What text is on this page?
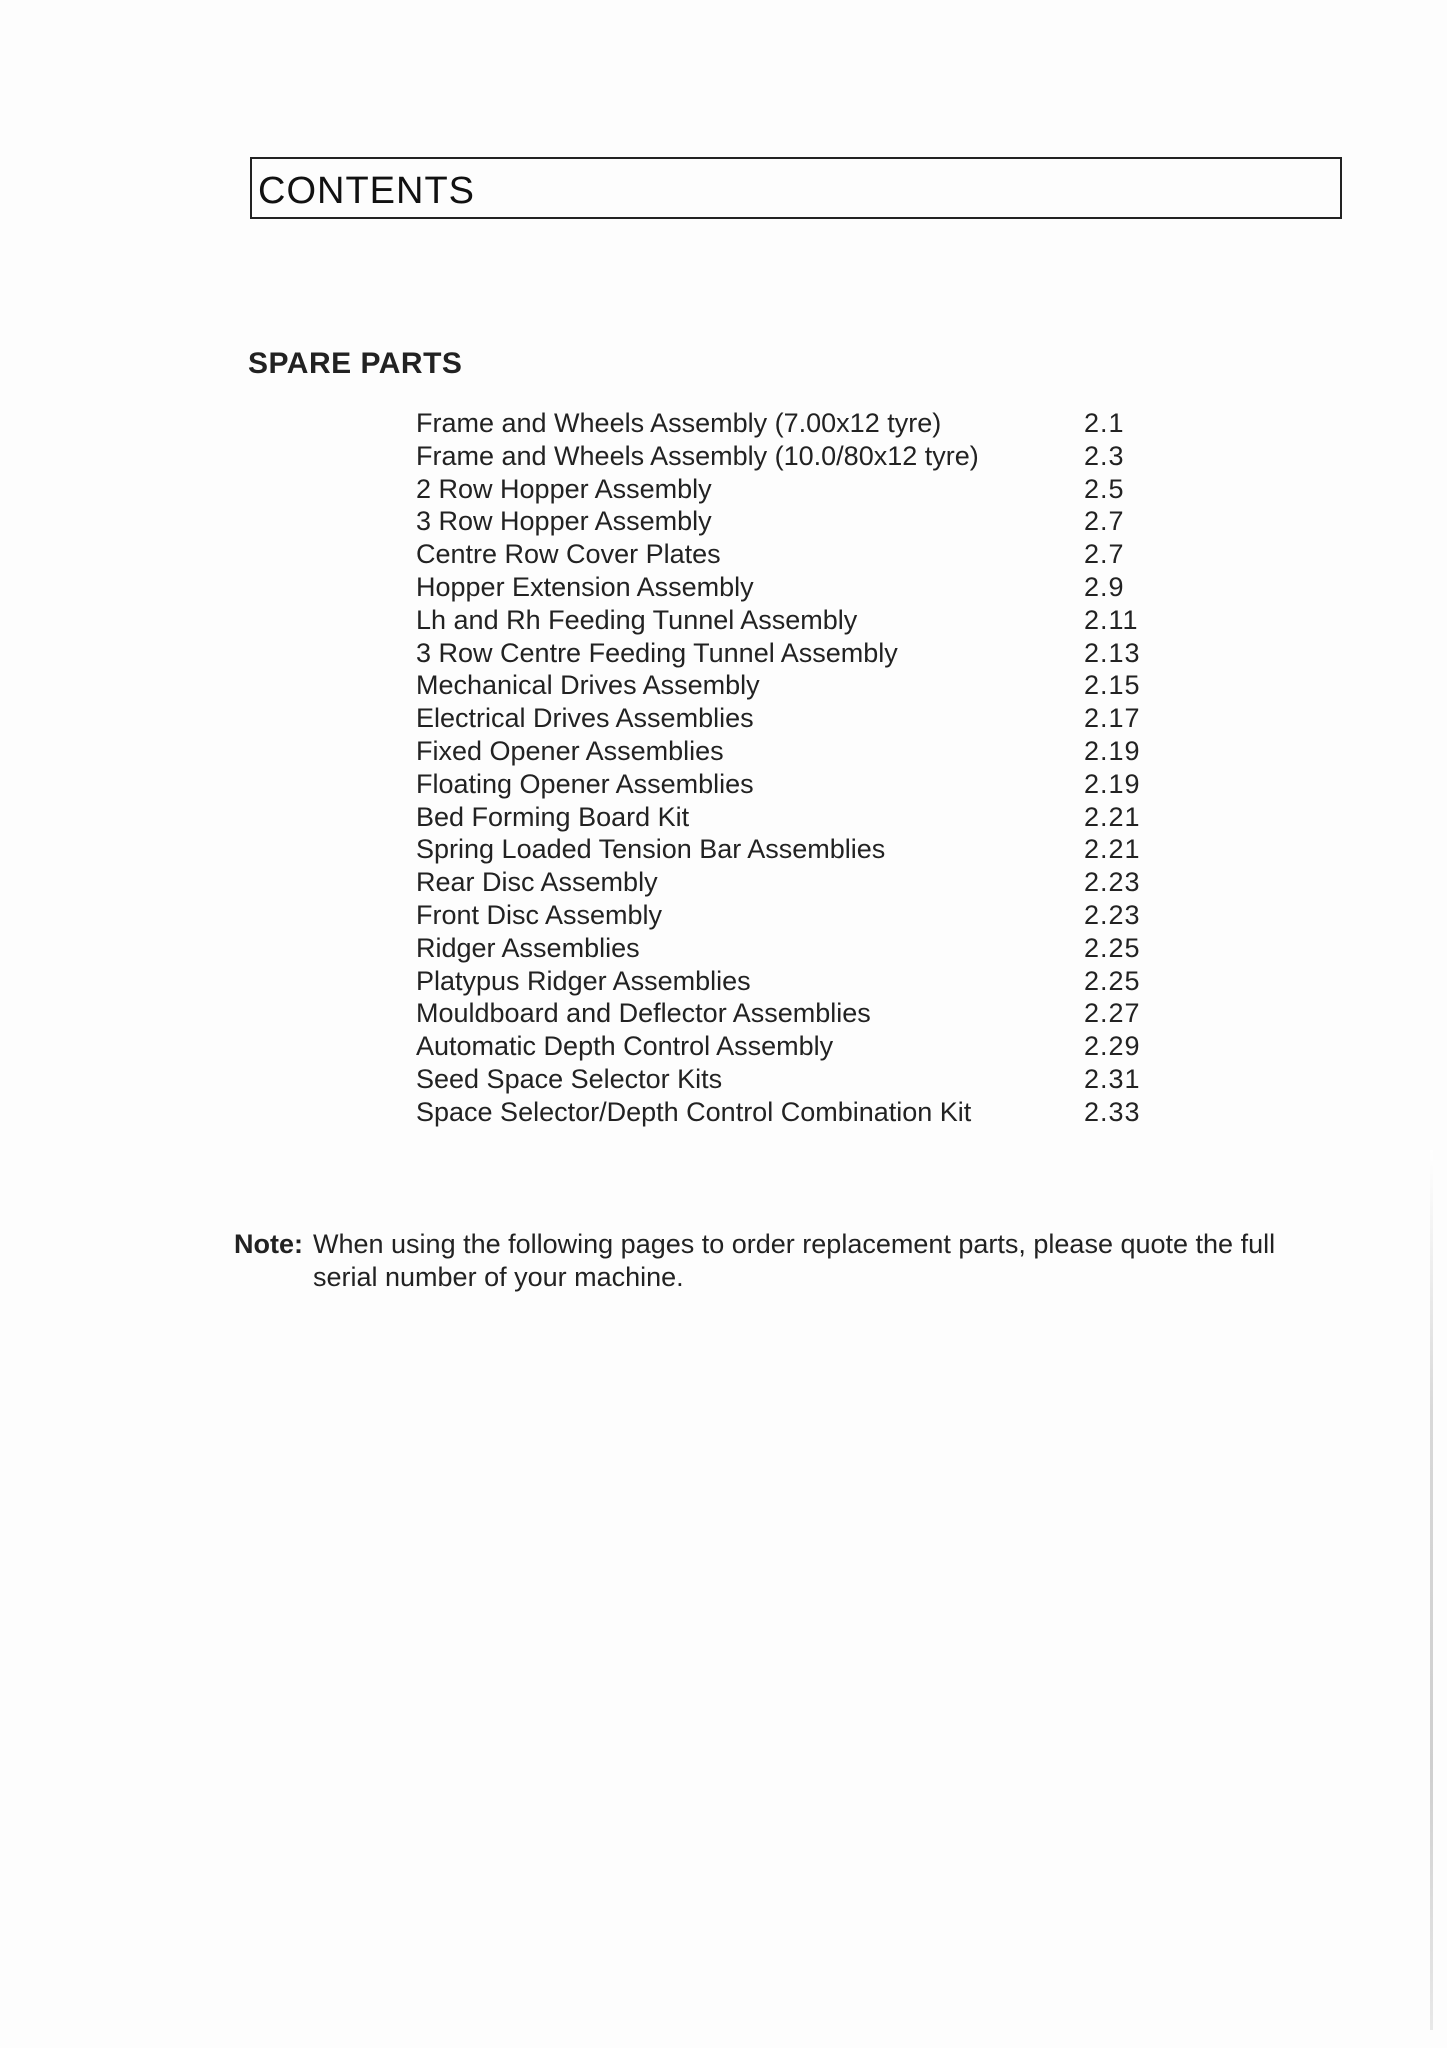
CONTENTS
SPARE PARTS
Frame and Wheels Assembly (7.00x12 tyre)	2.1
Frame and Wheels Assembly (10.0/80x12 tyre)	2.3
2 Row Hopper Assembly	2.5
3 Row Hopper Assembly	2.7
Centre Row Cover Plates	2.7
Hopper Extension Assembly	2.9
Lh and Rh Feeding Tunnel Assembly	2.11
3 Row Centre Feeding Tunnel Assembly	2.13
Mechanical Drives Assembly	2.15
Electrical Drives Assemblies	2.17
Fixed Opener Assemblies	2.19
Floating Opener Assemblies	2.19
Bed Forming Board Kit	2.21
Spring Loaded Tension Bar Assemblies	2.21
Rear Disc Assembly	2.23
Front Disc Assembly	2.23
Ridger Assemblies	2.25
Platypus Ridger Assemblies	2.25
Mouldboard and Deflector Assemblies	2.27
Automatic Depth Control Assembly	2.29
Seed Space Selector Kits	2.31
Space Selector/Depth Control Combination Kit	2.33
Note: When using the following pages to order replacement parts, please quote the full serial number of your machine.
